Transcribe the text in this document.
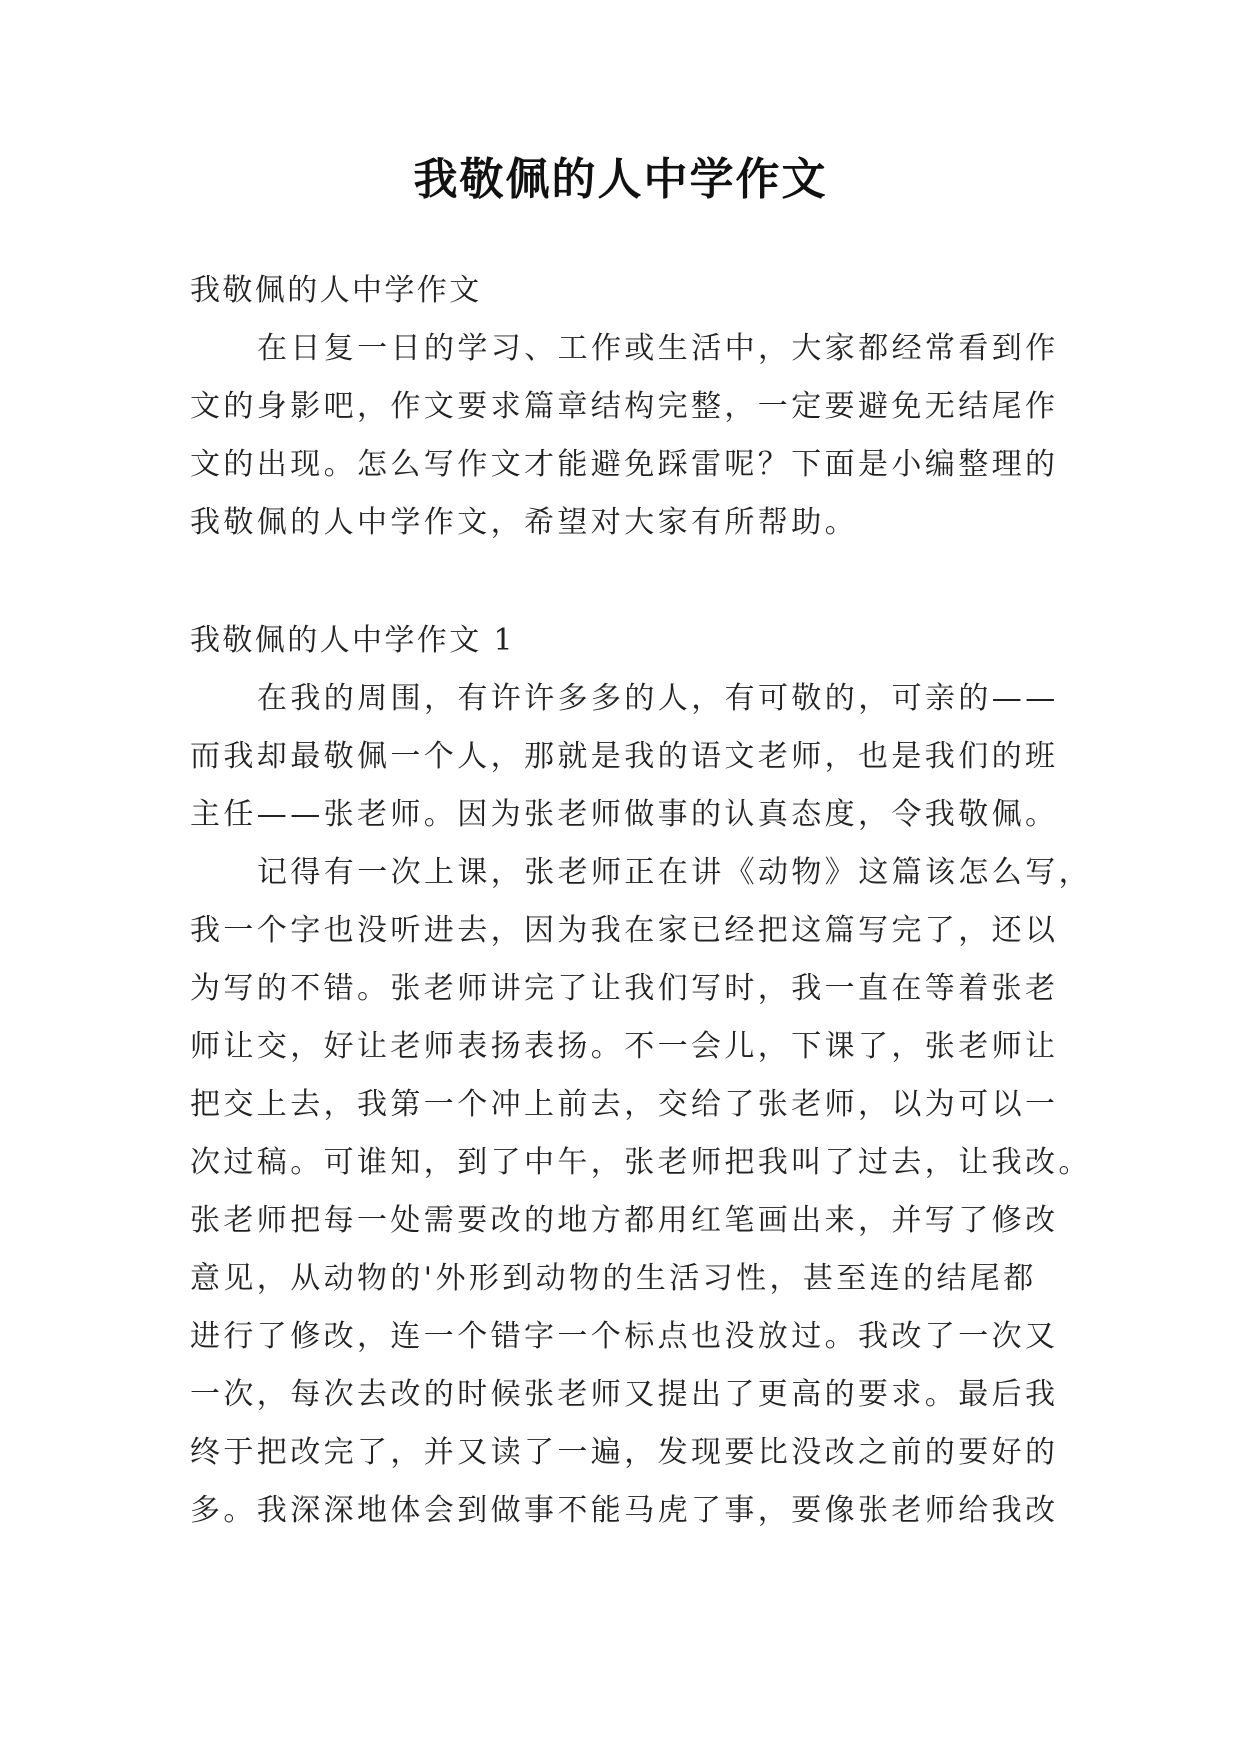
我敬佩的人中学作文
我敬佩的人中学作文
在日复一日的学习、工作或生活中，大家都经常看到作
文的身影吧，作文要求篇章结构完整，一定要避免无结尾作
文的出现。怎么写作文才能避免踩雷呢？下面是小编整理的
我敬佩的人中学作文，希望对大家有所帮助。
我敬佩的人中学作文 1
在我的周围，有许许多多的人，有可敬的，可亲的——
而我却最敬佩一个人，那就是我的语文老师，也是我们的班
主任——张老师。因为张老师做事的认真态度，令我敬佩。
记得有一次上课，张老师正在讲《动物》这篇该怎么写，
我一个字也没听进去，因为我在家已经把这篇写完了，还以
为写的不错。张老师讲完了让我们写时，我一直在等着张老
师让交，好让老师表扬表扬。不一会儿，下课了，张老师让
把交上去，我第一个冲上前去，交给了张老师，以为可以一
次过稿。可谁知，到了中午，张老师把我叫了过去，让我改。
张老师把每一处需要改的地方都用红笔画出来，并写了修改
意见，从动物的'外形到动物的生活习性，甚至连的结尾都
进行了修改，连一个错字一个标点也没放过。我改了一次又
一次，每次去改的时候张老师又提出了更高的要求。最后我
终于把改完了，并又读了一遍，发现要比没改之前的要好的
多。我深深地体会到做事不能马虎了事，要像张老师给我改
